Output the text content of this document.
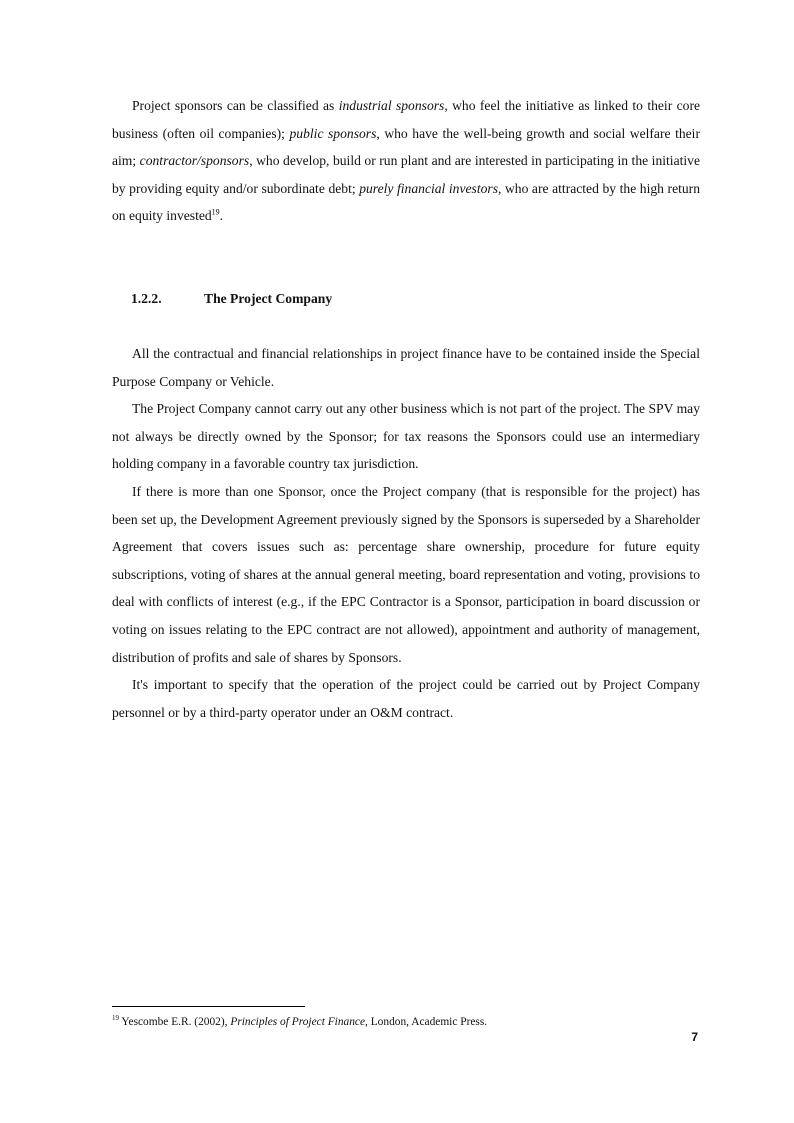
Project sponsors can be classified as industrial sponsors, who feel the initiative as linked to their core business (often oil companies); public sponsors, who have the well-being growth and social welfare their aim; contractor/sponsors, who develop, build or run plant and are interested in participating in the initiative by providing equity and/or subordinate debt; purely financial investors, who are attracted by the high return on equity invested$^{19}$.

1.2.2.	The Project Company

All the contractual and financial relationships in project finance have to be contained inside the Special Purpose Company or Vehicle.

The Project Company cannot carry out any other business which is not part of the project. The SPV may not always be directly owned by the Sponsor; for tax reasons the Sponsors could use an intermediary holding company in a favorable country tax jurisdiction.

If there is more than one Sponsor, once the Project company (that is responsible for the project) has been set up, the Development Agreement previously signed by the Sponsors is superseded by a Shareholder Agreement that covers issues such as: percentage share ownership, procedure for future equity subscriptions, voting of shares at the annual general meeting, board representation and voting, provisions to deal with conflicts of interest (e.g., if the EPC Contractor is a Sponsor, participation in board discussion or voting on issues relating to the EPC contract are not allowed), appointment and authority of management, distribution of profits and sale of shares by Sponsors.

It's important to specify that the operation of the project could be carried out by Project Company personnel or by a third-party operator under an O&M contract.

$^{19}$ Yescombe E.R. (2002), Principles of Project Finance, London, Academic Press.

7
